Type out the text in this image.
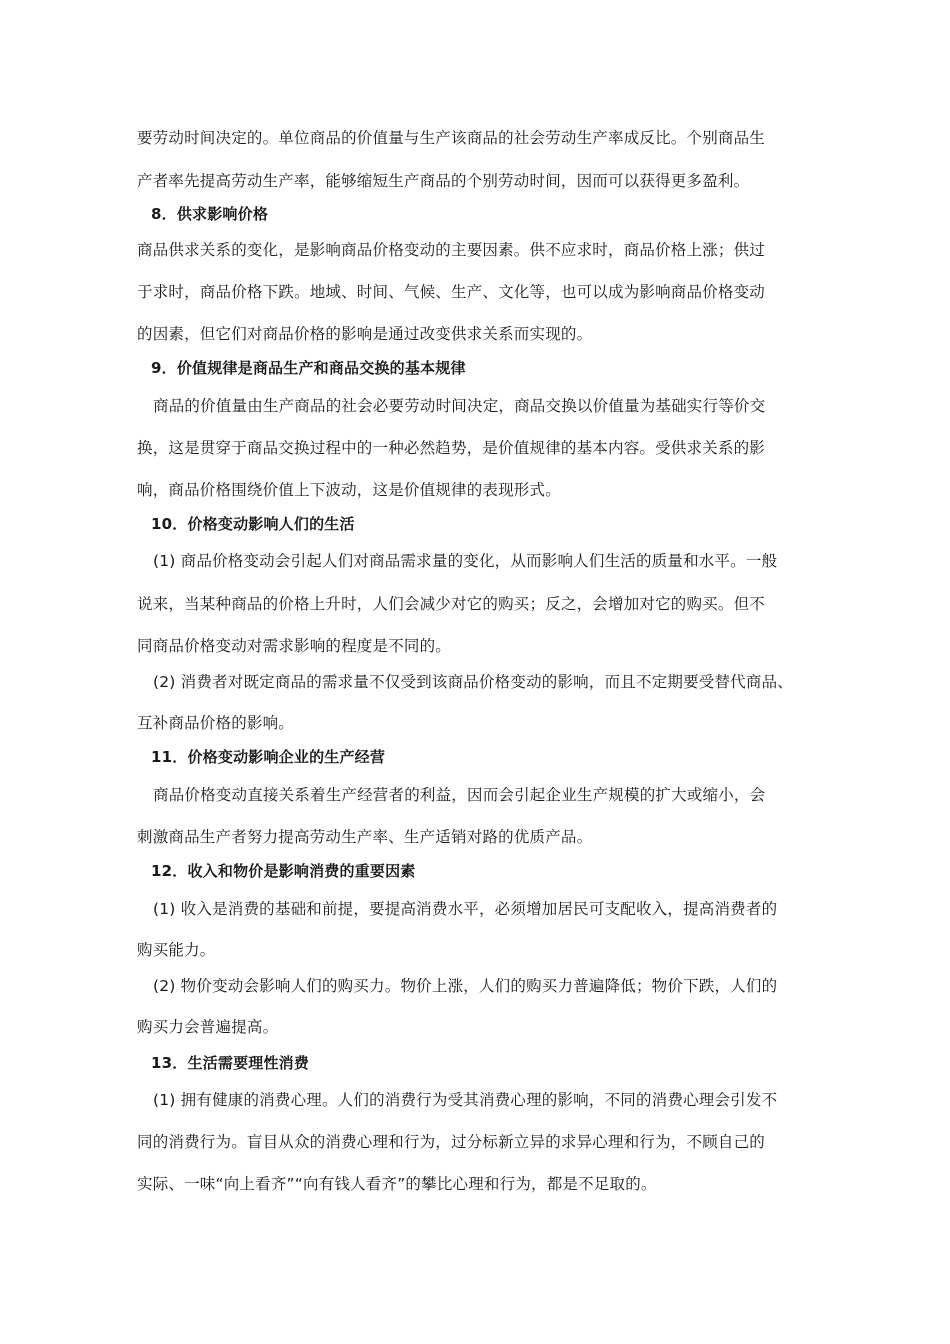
要劳动时间决定的。单位商品的价值量与生产该商品的社会劳动生产率成反比。个别商品生
产者率先提高劳动生产率，能够缩短生产商品的个别劳动时间，因而可以获得更多盈利。
8．供求影响价格
商品供求关系的变化，是影响商品价格变动的主要因素。供不应求时，商品价格上涨；供过
于求时，商品价格下跌。地域、时间、气候、生产、文化等，也可以成为影响商品价格变动
的因素，但它们对商品价格的影响是通过改变供求关系而实现的。
9．价值规律是商品生产和商品交换的基本规律
商品的价值量由生产商品的社会必要劳动时间决定，商品交换以价值量为基础实行等价交
换，这是贯穿于商品交换过程中的一种必然趋势，是价值规律的基本内容。受供求关系的影
响，商品价格围绕价值上下波动，这是价值规律的表现形式。
10．价格变动影响人们的生活
(1) 商品价格变动会引起人们对商品需求量的变化，从而影响人们生活的质量和水平。一般
说来，当某种商品的价格上升时，人们会减少对它的购买；反之，会增加对它的购买。但不
同商品价格变动对需求影响的程度是不同的。
(2) 消费者对既定商品的需求量不仅受到该商品价格变动的影响，而且不定期要受替代商品、
互补商品价格的影响。
11．价格变动影响企业的生产经营
商品价格变动直接关系着生产经营者的利益，因而会引起企业生产规模的扩大或缩小，会
刺激商品生产者努力提高劳动生产率、生产适销对路的优质产品。
12．收入和物价是影响消费的重要因素
(1) 收入是消费的基础和前提，要提高消费水平，必须增加居民可支配收入，提高消费者的
购买能力。
(2) 物价变动会影响人们的购买力。物价上涨，人们的购买力普遍降低；物价下跌，人们的
购买力会普遍提高。
13．生活需要理性消费
(1) 拥有健康的消费心理。人们的消费行为受其消费心理的影响，不同的消费心理会引发不
同的消费行为。盲目从众的消费心理和行为，过分标新立异的求异心理和行为，不顾自己的
实际、一味“向上看齐”“向有钱人看齐”的攀比心理和行为，都是不足取的。
